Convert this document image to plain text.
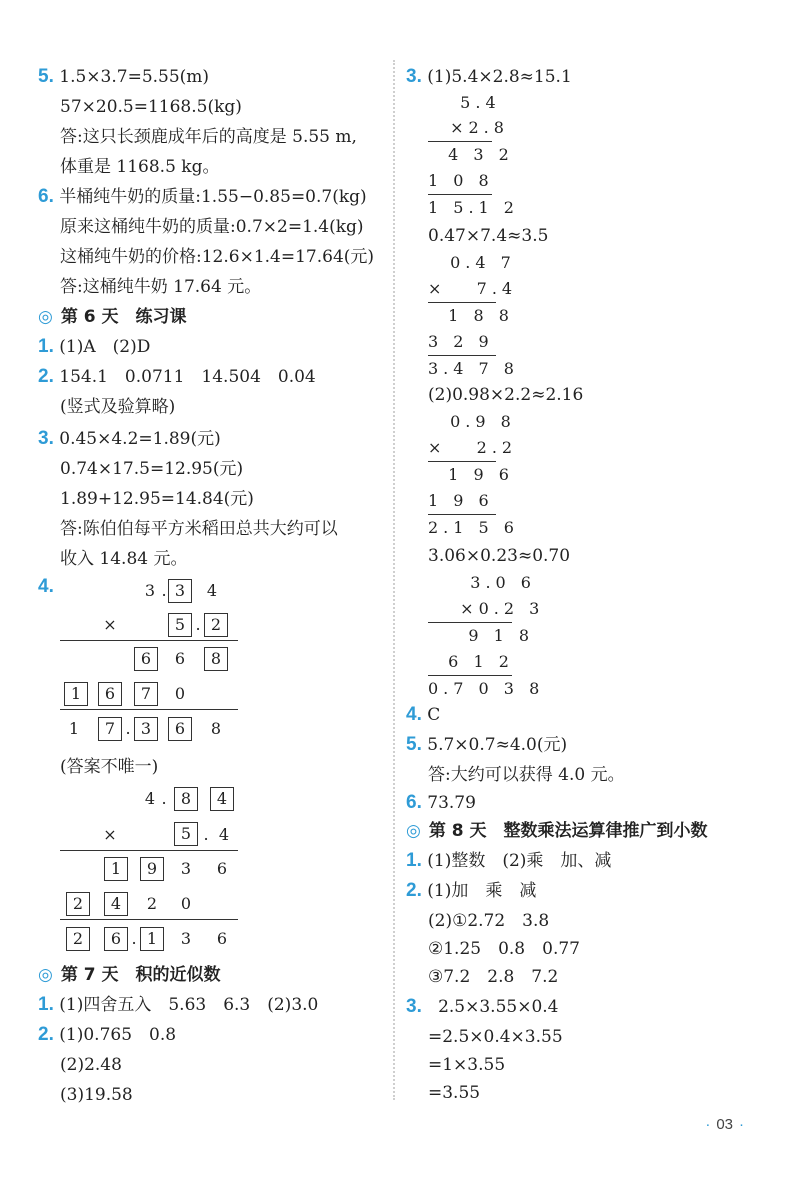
5. 1.5×3.7=5.55(m)
57×20.5=1168.5(kg)
答:这只长颈鹿成年后的高度是 5.55 m,
体重是 1168.5 kg。
6. 半桶纯牛奶的质量:1.55−0.85=0.7(kg)
原来这桶纯牛奶的质量:0.7×2=1.4(kg)
这桶纯牛奶的价格:12.6×1.4=17.64(元)
答:这桶纯牛奶 17.64 元。
◎ 第 6 天　练习课
1. (1)A　(2)D
2. 154.1　0.0711　14.504　0.04
(竖式及验算略)
3. 0.45×4.2=1.89(元)
0.74×17.5=12.95(元)
1.89+12.95=14.84(元)
答:陈伯伯每平方米稻田总共大约可以
收入 14.84 元。
4.	3 . 3	4
×	5 . 2
6	6	8
1	6	7	0
1	7 . 3	6	8
(答案不唯一)
4 . 8	4
×	5 . 4
1	9	3	6
2	4	2	0
2	6 . 1	3	6
◎ 第 7 天　积的近似数
1. (1)四舍五入　5.63　6.3　(2)3.0
2. (1)0.765　0.8
(2)2.48
(3)19.58
3. (1)5.4×2.8≈15.1
5.4
×2.8
4 3 2
1 0 8
1 5.1 2
0.47×7.4≈3.5
0.4 7
×   7.4
1 8 8
3 2 9
3.4 7 8
(2)0.98×2.2≈2.16
0.9 8
×   2.2
1 9 6
1 9 6
2.1 5 6
3.06×0.23≈0.70
3.0 6
×0.2 3
9 1 8
6 1 2
0.7 0 3 8
4. C
5. 5.7×0.7≈4.0(元)
答:大约可以获得 4.0 元。
6. 73.79
◎ 第 8 天　整数乘法运算律推广到小数
1. (1)整数　(2)乘　加、减
2. (1)加　乘　减
(2)①2.72　3.8
②1.25　0.8　0.77
③7.2　2.8　7.2
3. 2.5×3.55×0.4
=2.5×0.4×3.55
=1×3.55
=3.55
· 03 ·
